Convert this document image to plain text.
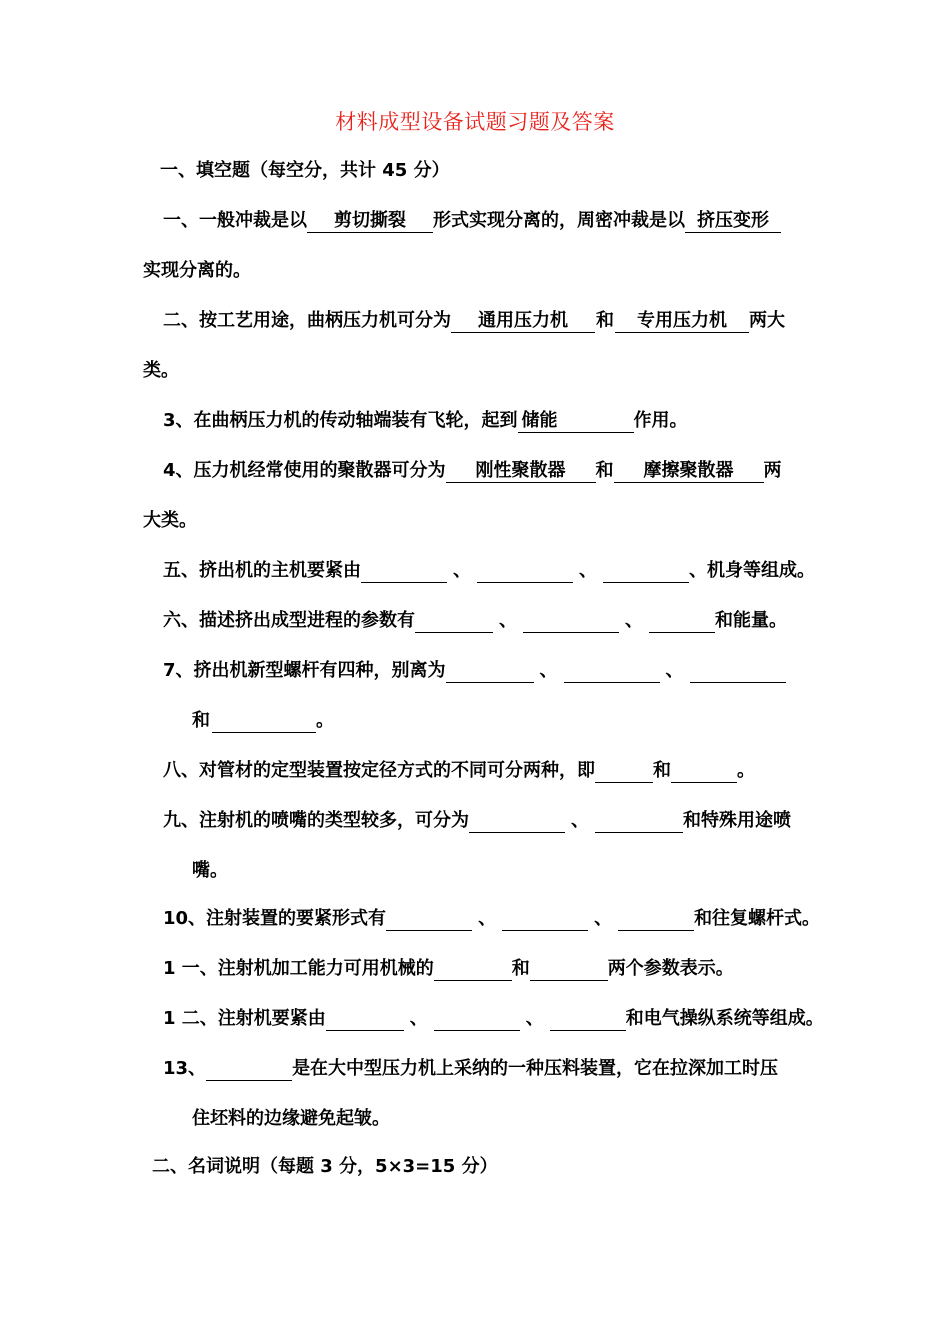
材料成型设备试题习题及答案
一、填空题（每空分，共计 45 分）
一、一般冲裁是以 剪切撕裂 形式实现分离的，周密冲裁是以 挤压变形
实现分离的。
二、按工艺用途，曲柄压力机可分为 通用压力机 和 专用压力机 两大
类。
3、在曲柄压力机的传动轴端装有飞轮，起到 储能	作用。
4、压力机经常使用的聚散器可分为 刚性聚散器 和 摩擦聚散器 两
大类。
五、挤出机的主机要紧由	、	、	、机身等组成。
六、描述挤出成型进程的参数有	、	、	和能量。
7、挤出机新型螺杆有四种，别离为	、	、
和	。
八、对管材的定型装置按定径方式的不同可分两种，即	和	。
九、注射机的喷嘴的类型较多，可分为	、	和特殊用途喷
嘴。
10、注射装置的要紧形式有	、	、	和往复螺杆式。
1 一、注射机加工能力可用机械的	和	两个参数表示。
1 二、注射机要紧由	、	、	和电气操纵系统等组成。
13、	是在大中型压力机上采纳的一种压料装置，它在拉深加工时压
住坯料的边缘避免起皱。
二、名词说明（每题 3 分，5×3=15 分）
